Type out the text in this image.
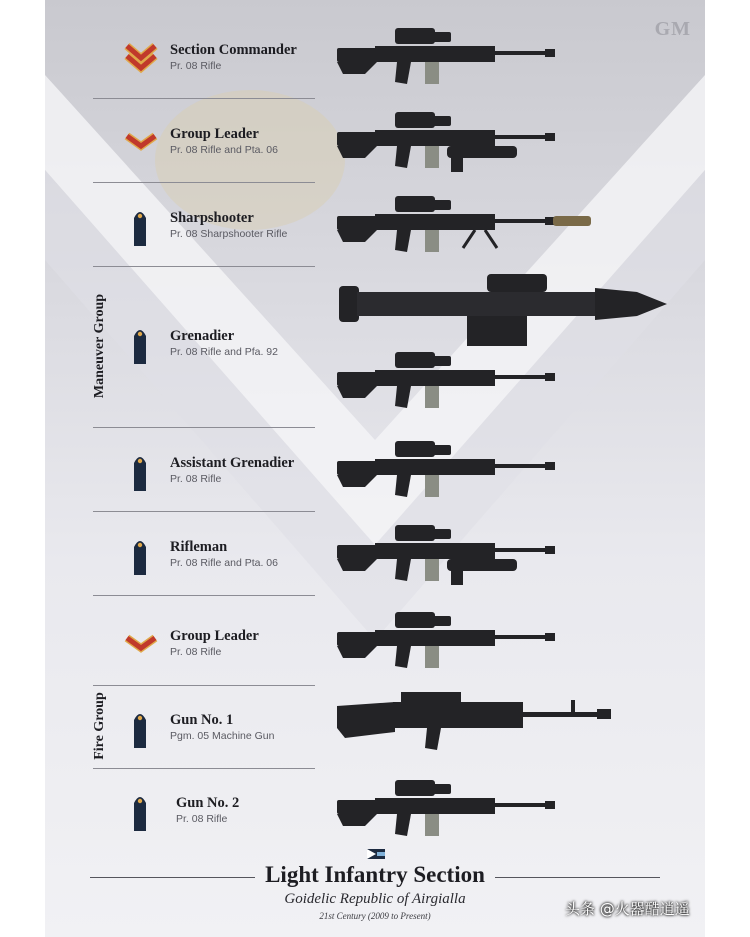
GM
Maneuver Group
Fire Group
Section Commander
Pr. 08 Rifle
Group Leader
Pr. 08 Rifle and Pta. 06
Sharpshooter
Pr. 08 Sharpshooter Rifle
Grenadier
Pr. 08 Rifle and Pfa. 92
Assistant Grenadier
Pr. 08 Rifle
Rifleman
Pr. 08 Rifle and Pta. 06
Group Leader
Pr. 08 Rifle
Gun No. 1
Pgm. 05 Machine Gun
Gun No. 2
Pr. 08 Rifle
Light Infantry Section
Goidelic Republic of Airgialla
21st Century (2009 to Present)	头条 @火器酷逍遥
